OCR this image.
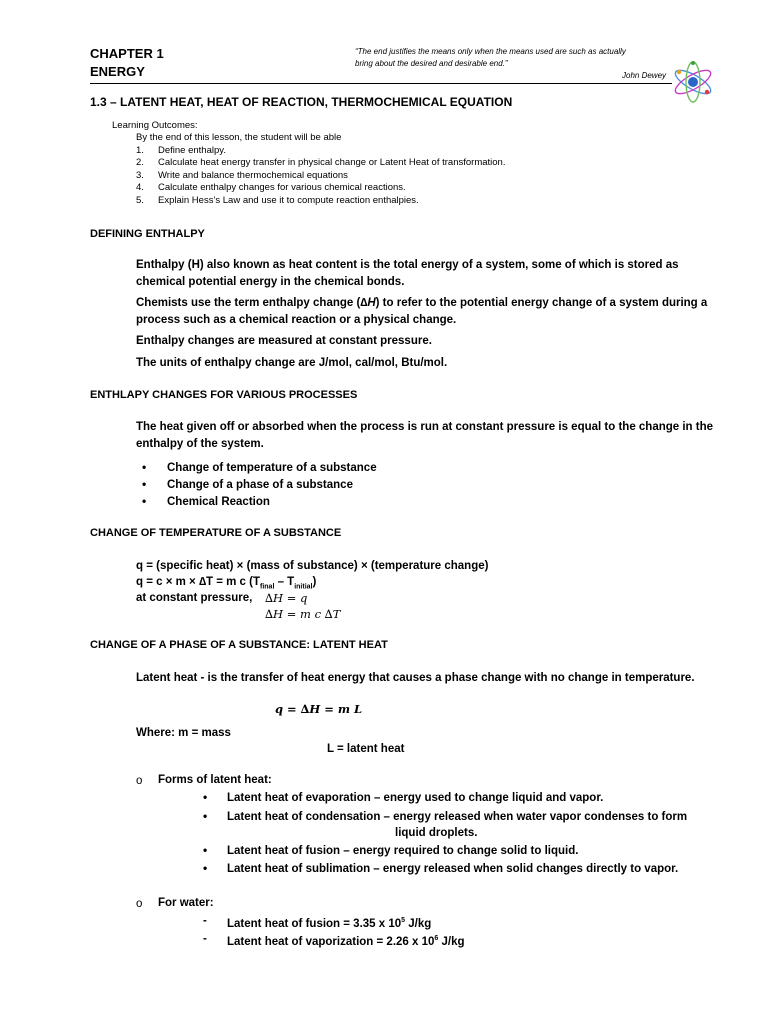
CHAPTER 1
ENERGY
“The end justifies the means only when the means used are such as actually
bring about the desired and desirable end.”
John Dewey
1.3 – LATENT HEAT, HEAT OF REACTION, THERMOCHEMICAL EQUATION
Learning Outcomes:
By the end of this lesson, the student will be able
1. Define enthalpy.
2. Calculate heat energy transfer in physical change or Latent Heat of transformation.
3. Write and balance thermochemical equations
4. Calculate enthalpy changes for various chemical reactions.
5. Explain Hess’s Law and use it to compute reaction enthalpies.
DEFINING ENTHALPY

Enthalpy (H) also known as heat content is the total energy of a system, some of which is stored as chemical potential energy in the chemical bonds.

Chemists use the term enthalpy change (∆H) to refer to the potential energy change of a system during a process such as a chemical reaction or a physical change.

Enthalpy changes are measured at constant pressure.

The units of enthalpy change are J/mol, cal/mol, Btu/mol.

ENTHLAPY CHANGES FOR VARIOUS PROCESSES
The heat given off or absorbed when the process is run at constant pressure is equal to the change in the enthalpy of the system.
• Change of temperature of a substance
• Change of a phase of a substance
• Chemical Reaction
CHANGE OF TEMPERATURE OF A SUBSTANCE
q = (specific heat) × (mass of substance) × (temperature change)
q = c × m × ∆T = m c $(T_{final} - T_{initial})$
at constant pressure, ∆H = q
∆H = m c ∆T
CHANGE OF A PHASE OF A SUBSTANCE: LATENT HEAT
Latent heat - is the transfer of heat energy that causes a phase change with no change in temperature.
q = ∆H = m L
Where: m = mass
L = latent heat
o Forms of latent heat:
• Latent heat of evaporation – energy used to change liquid and vapor.
• Latent heat of condensation – energy released when water vapor condenses to form
liquid droplets.
• Latent heat of fusion – energy required to change solid to liquid.
• Latent heat of sublimation – energy released when solid changes directly to vapor.
o For water:
- Latent heat of fusion = 3.35 x $10^5$ J/kg
- Latent heat of vaporization = 2.26 x $10^6$ J/kg
